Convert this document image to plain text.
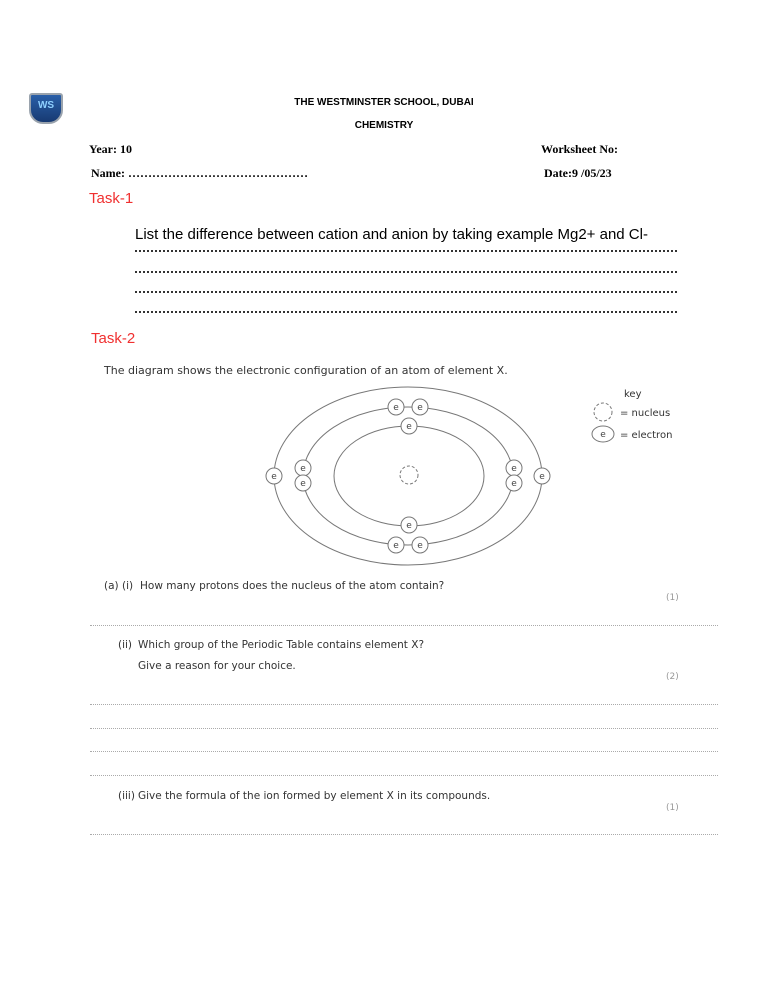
WS	THE WESTMINSTER SCHOOL, DUBAI
CHEMISTRY
Year: 10	Worksheet No:
Name: ………………………………………	Date:9 /05/23
Task-1
List the difference between cation and anion by taking example Mg2+ and Cl-
Task-2
The diagram shows the electronic configuration of an atom of element X.
e
e
e e
e e
e
e
e
e
e	e
key
= nucleus
e = electron
(a) (i) How many protons does the nucleus of the atom contain?
(1)
(ii) Which group of the Periodic Table contains element X?
Give a reason for your choice.
(2)
(iii) Give the formula of the ion formed by element X in its compounds.
(1)
